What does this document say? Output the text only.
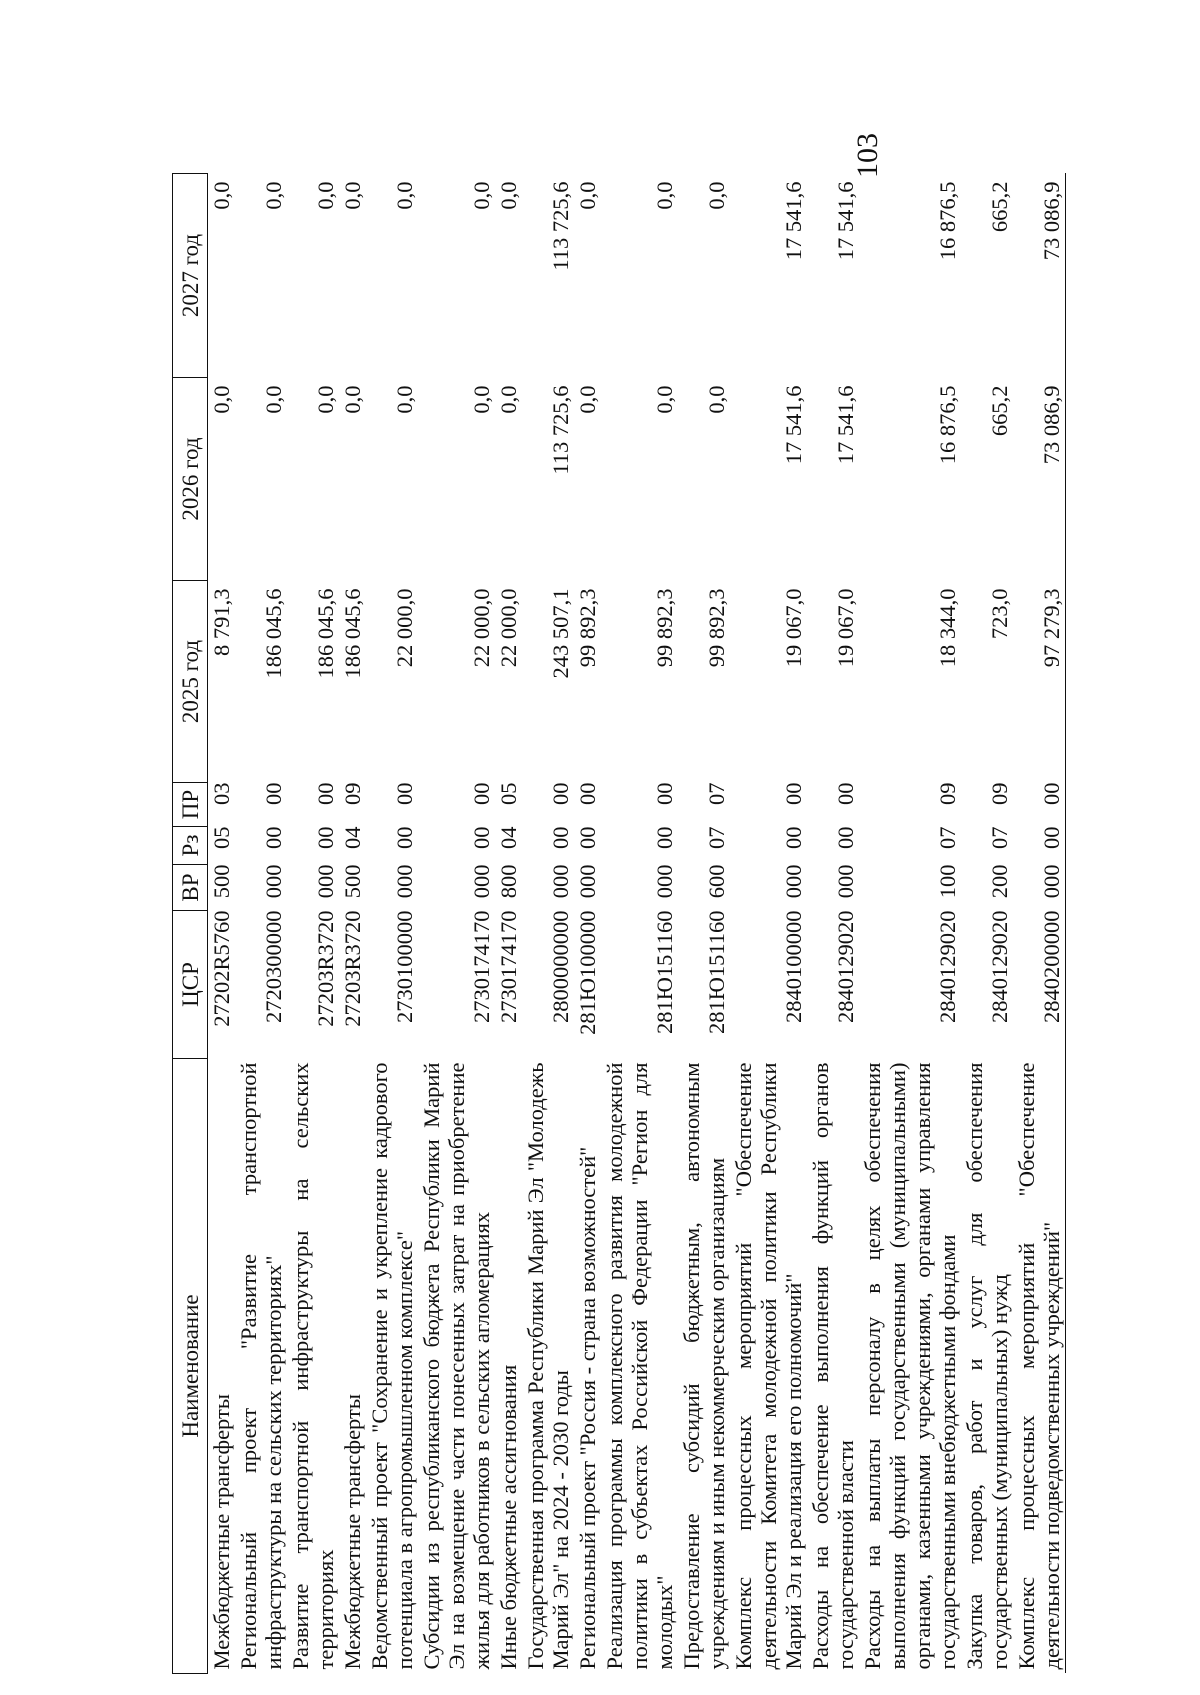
103
Наименование	ЦСР	ВР	Рз	ПР	2025 год	2026 год	2027 год
Межбюджетные трансферты	27202R5760	500	05	03	8 791,3	0,0	0,0
Региональный проект "Развитие транспортной инфраструктуры на сельских территориях"	2720300000	000	00	00	186 045,6	0,0	0,0
Развитие транспортной инфраструктуры на сельских территориях	27203R3720	000	00	00	186 045,6	0,0	0,0
Межбюджетные трансферты	27203R3720	500	04	09	186 045,6	0,0	0,0
Ведомственный проект "Сохранение и укрепление кадрового потенциала в агропромышленном комплексе"	2730100000	000	00	00	22 000,0	0,0	0,0
Субсидии из республиканского бюджета Республики Марий Эл на возмещение части понесенных затрат на приобретение жилья для работников в сельских агломерациях	2730174170	000	00	00	22 000,0	0,0	0,0
Иные бюджетные ассигнования	2730174170	800	04	05	22 000,0	0,0	0,0
Государственная программа Республики Марий Эл "Молодежь Марий Эл" на 2024 - 2030 годы	2800000000	000	00	00	243 507,1	113 725,6	113 725,6
Региональный проект "Россия - страна возможностей"	281Ю100000	000	00	00	99 892,3	0,0	0,0
Реализация программы комплексного развития молодежной политики в субъектах Российской Федерации "Регион для молодых"	281Ю151160	000	00	00	99 892,3	0,0	0,0
Предоставление субсидий бюджетным, автономным учреждениям и иным некоммерческим организациям	281Ю151160	600	07	07	99 892,3	0,0	0,0
Комплекс процессных мероприятий "Обеспечение деятельности Комитета молодежной политики Республики Марий Эл и реализация его полномочий"	2840100000	000	00	00	19 067,0	17 541,6	17 541,6
Расходы на обеспечение выполнения функций органов государственной власти	2840129020	000	00	00	19 067,0	17 541,6	17 541,6
Расходы на выплаты персоналу в целях обеспечения выполнения функций государственными (муниципальными) органами, казенными учреждениями, органами управления государственными внебюджетными фондами	2840129020	100	07	09	18 344,0	16 876,5	16 876,5
Закупка товаров, работ и услуг для обеспечения государственных (муниципальных) нужд	2840129020	200	07	09	723,0	665,2	665,2
Комплекс процессных мероприятий "Обеспечение деятельности подведомственных учреждений"	2840200000	000	00	00	97 279,3	73 086,9	73 086,9
